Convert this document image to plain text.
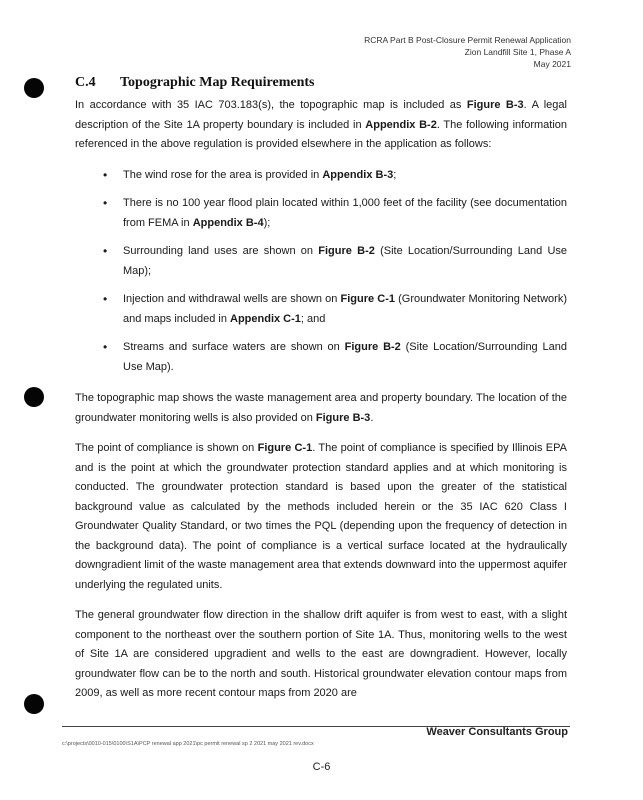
RCRA Part B Post-Closure Permit Renewal Application
Zion Landfill Site 1, Phase A
May 2021
C.4 Topographic Map Requirements

In accordance with 35 IAC 703.183(s), the topographic map is included as Figure B-3. A legal description of the Site 1A property boundary is included in Appendix B-2. The following information referenced in the above regulation is provided elsewhere in the application as follows:

• The wind rose for the area is provided in Appendix B-3;
• There is no 100 year flood plain located within 1,000 feet of the facility (see documentation from FEMA in Appendix B-4);
• Surrounding land uses are shown on Figure B-2 (Site Location/Surrounding Land Use Map);
• Injection and withdrawal wells are shown on Figure C-1 (Groundwater Monitoring Network) and maps included in Appendix C-1; and
• Streams and surface waters are shown on Figure B-2 (Site Location/Surrounding Land Use Map).

The topographic map shows the waste management area and property boundary. The location of the groundwater monitoring wells is also provided on Figure B-3.

The point of compliance is shown on Figure C-1. The point of compliance is specified by Illinois EPA and is the point at which the groundwater protection standard applies and at which monitoring is conducted. The groundwater protection standard is based upon the greater of the statistical background value as calculated by the methods included herein or the 35 IAC 620 Class I Groundwater Quality Standard, or two times the PQL (depending upon the frequency of detection in the background data). The point of compliance is a vertical surface located at the hydraulically downgradient limit of the waste management area that extends downward into the uppermost aquifer underlying the regulated units.

The general groundwater flow direction in the shallow drift aquifer is from west to east, with a slight component to the northeast over the southern portion of Site 1A. Thus, monitoring wells to the west of Site 1A are considered upgradient and wells to the east are downgradient. However, locally groundwater flow can be to the north and south. Historical groundwater elevation contour maps from 2009, as well as more recent contour maps from 2020 are

Weaver Consultants Group
c:\projects\0010-015\0100\S1A\PCP renewal app 2021\pc permit renewal sp 2 2021 may 2021 rev.docx
C-6
